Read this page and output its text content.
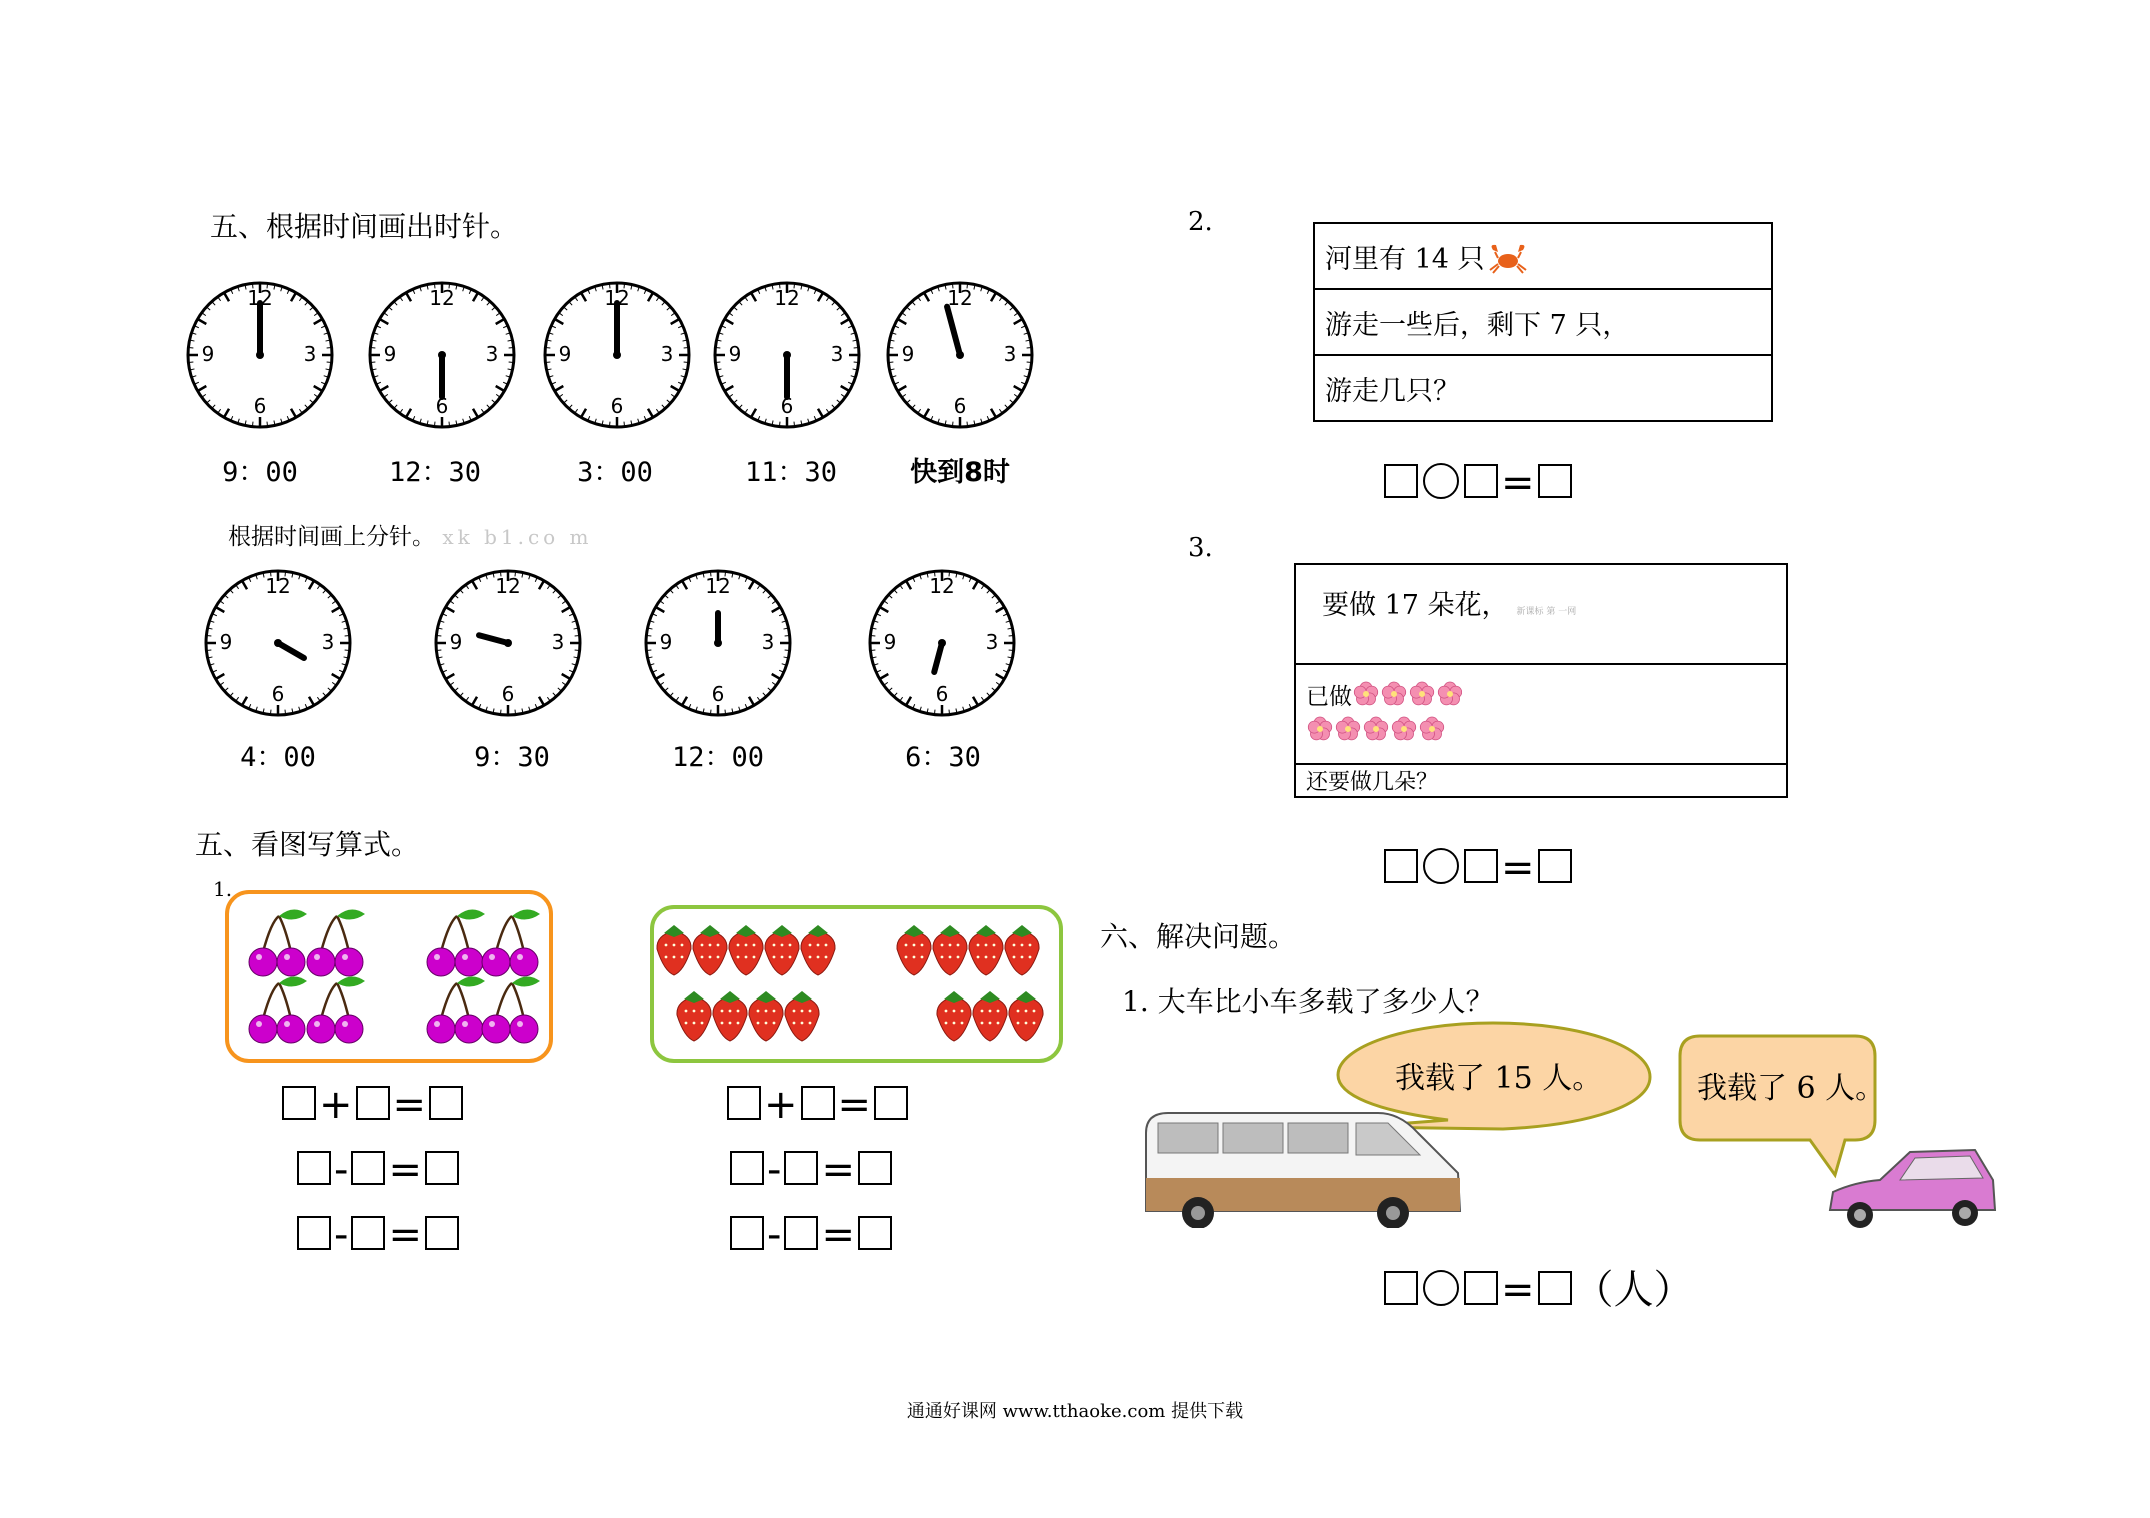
五、根据时间画出时针。
12
3
6
9
12
3
6
9
12
3
6
9
12
3
6
9
12
3
6
9
9：00	12：30	3：00	11：30	快到8时
根据时间画上分针。 xk b1.co m
12
3
6
9
12
3
6
9
12
3
6
9
12
3
6
9
4：00	9：30	12：00	6：30
五、看图写算式。
1.
+ =
- =
- =
+ =
- =
- =
2.
河里有 14 只
游走一些后，剩下 7 只，
游走几只？
=
3.
要做 17 朵花， 新课标 第 一网

已做

还要做几朵？
=
六、解决问题。
1. 大车比小车多载了多少人？
我载了 15 人。	我载了 6 人。
= （人）
通通好课网 www.tthaoke.com 提供下载
